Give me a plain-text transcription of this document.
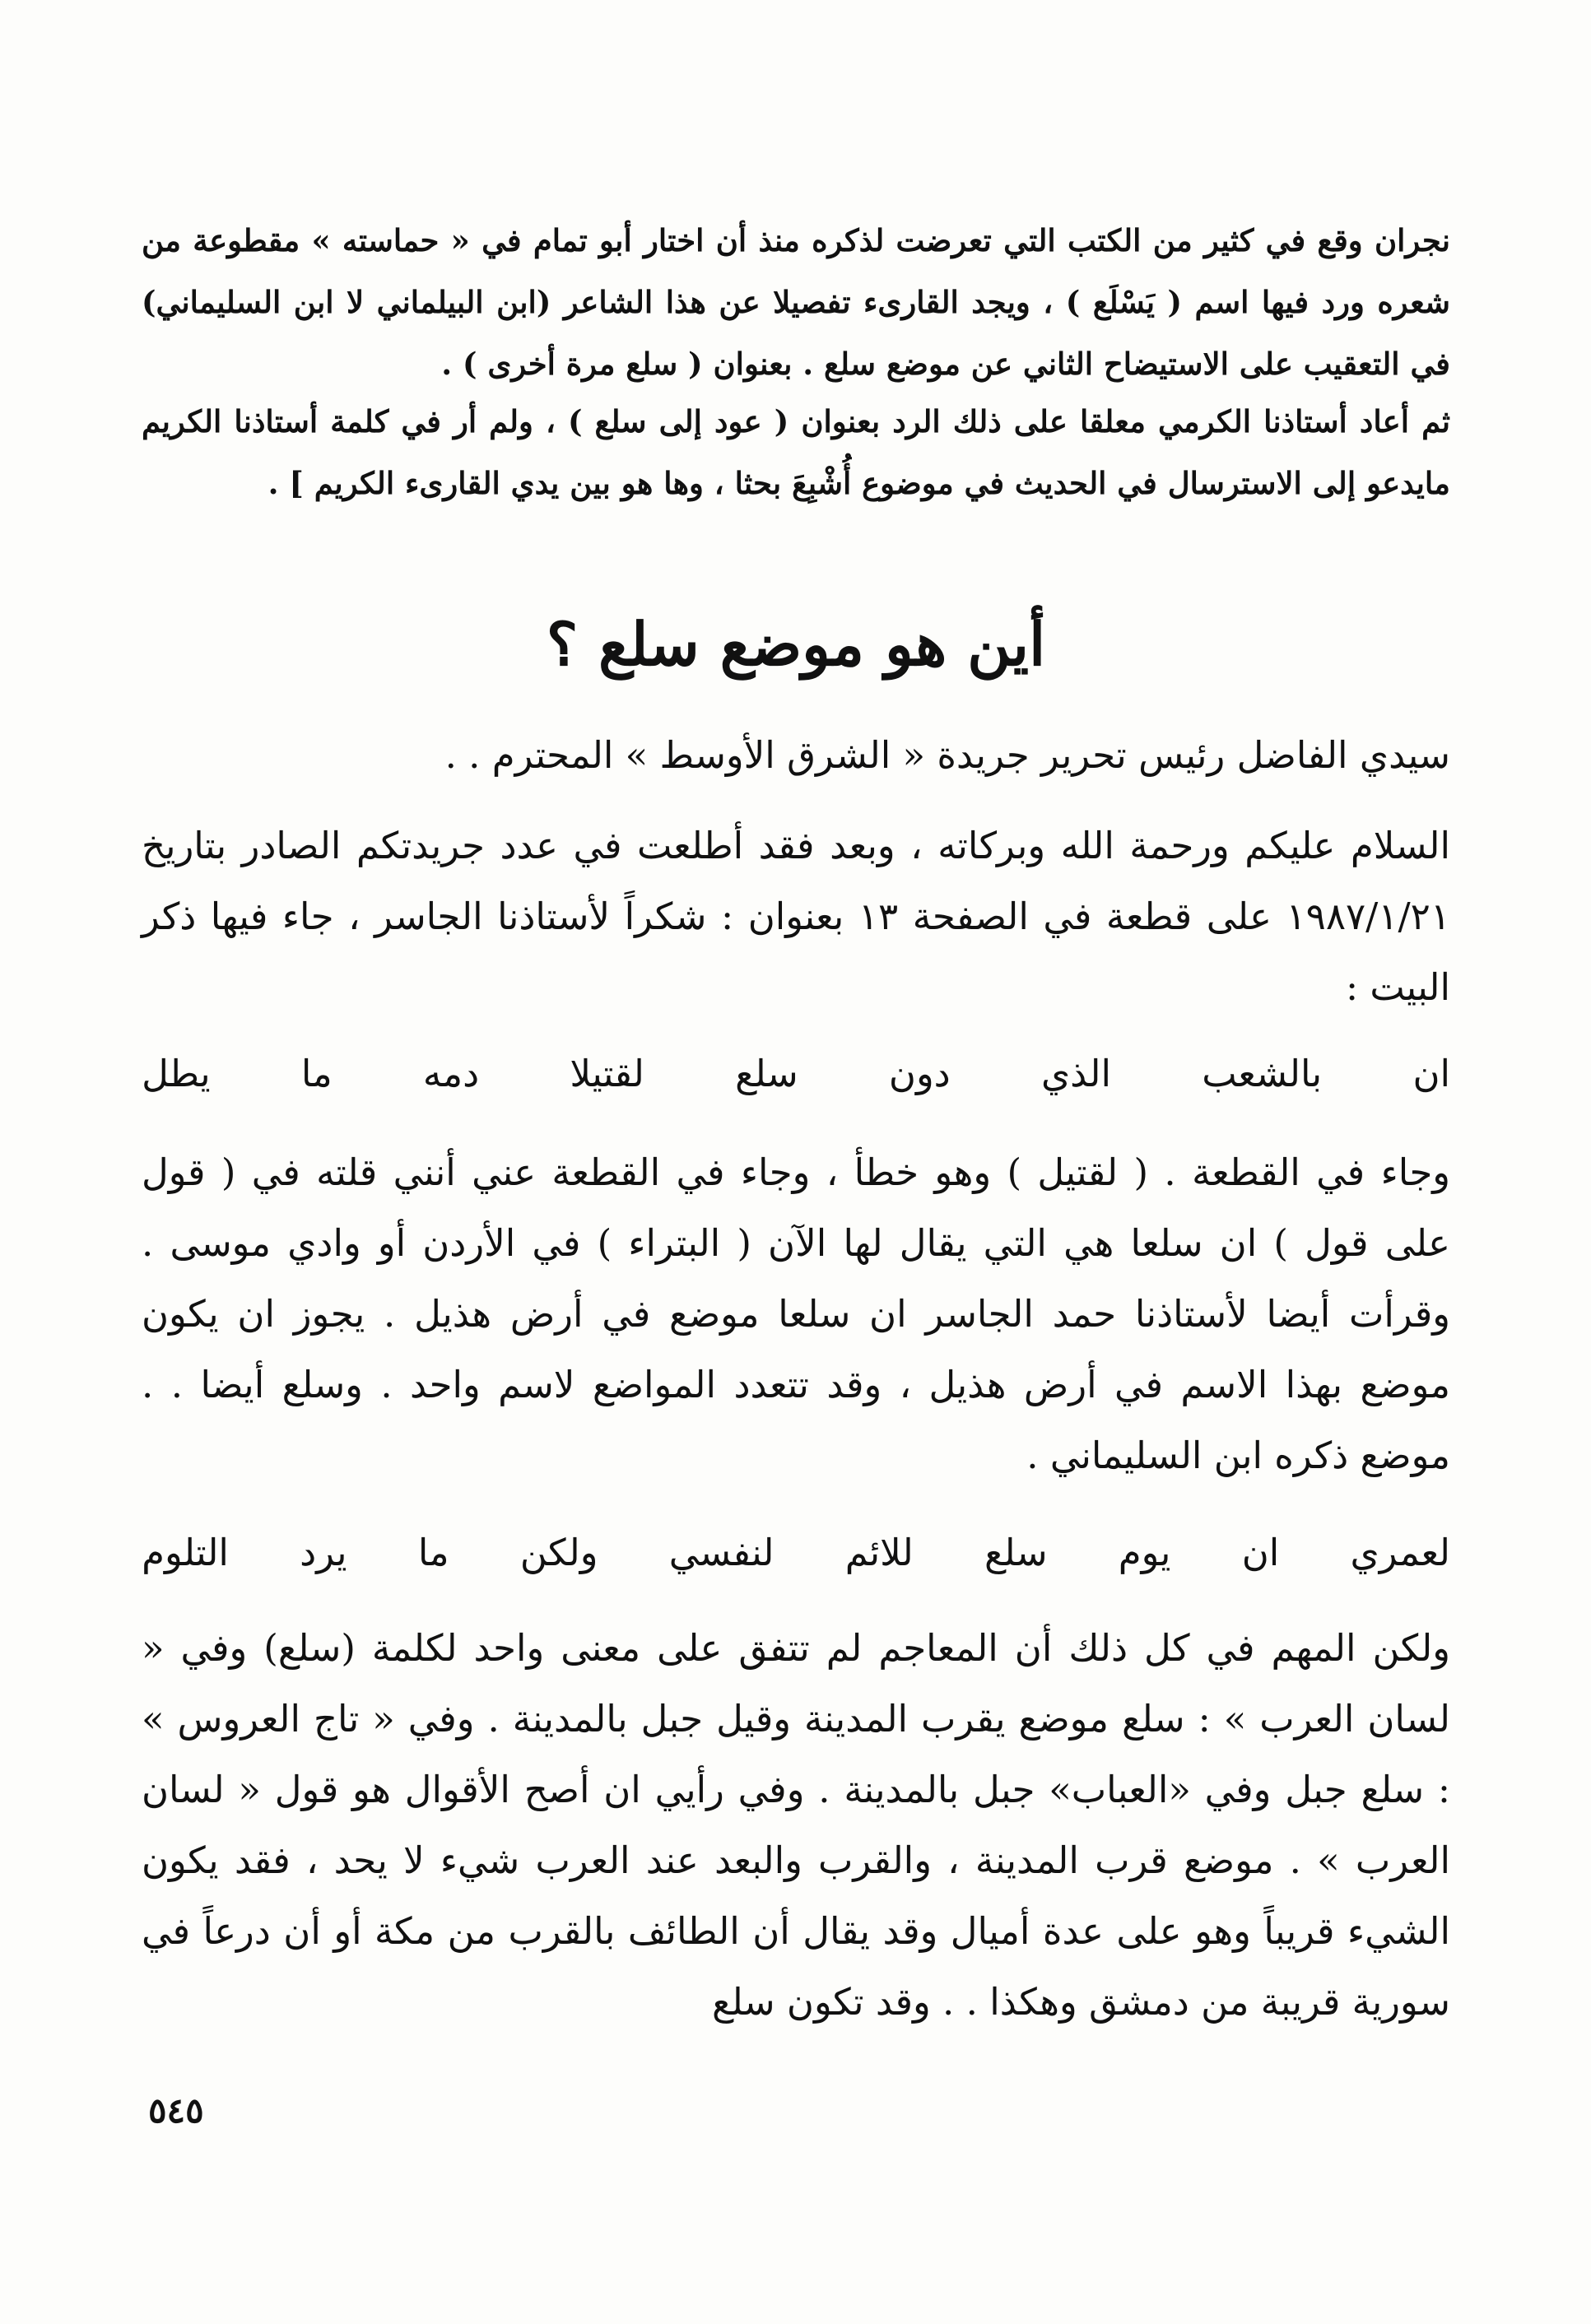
نجران وقع في كثير من الكتب التي تعرضت لذكره منذ أن اختار أبو تمام في « حماسته » مقطوعة من شعره ورد فيها اسم ( يَسْلَع ) ، ويجد القارىء تفصيلا عن هذا الشاعر (ابن البيلماني لا ابن السليماني) في التعقيب على الاستيضاح الثاني عن موضع سلع . بعنوان ( سلع مرة أخرى ) .

ثم أعاد أستاذنا الكرمي معلقا على ذلك الرد بعنوان ( عود إلى سلع ) ، ولم أر في كلمة أستاذنا الكريم مايدعو إلى الاسترسال في الحديث في موضوع أُشْبِعَ بحثا ، وها هو بين يدي القارىء الكريم ] .

أين هو موضع سلع ؟

سيدي الفاضل رئيس تحرير جريدة « الشرق الأوسط » المحترم . .

السلام عليكم ورحمة الله وبركاته ، وبعد فقد أطلعت في عدد جريدتكم الصادر بتاريخ ١٩٨٧/١/٢١ على قطعة في الصفحة ١٣ بعنوان : شكراً لأستاذنا الجاسر ، جاء فيها ذكر البيت :

ان
بالشعب
الذي
دون
سلع
لقتيلا
دمه
ما
يطل

وجاء في القطعة . ( لقتيل ) وهو خطأ ، وجاء في القطعة عني أنني قلته في ( قول على قول ) ان سلعا هي التي يقال لها الآن ( البتراء ) في الأردن أو وادي موسى . وقرأت أيضا لأستاذنا حمد الجاسر ان سلعا موضع في أرض هذيل . يجوز ان يكون موضع بهذا الاسم في أرض هذيل ، وقد تتعدد المواضع لاسم واحد . وسلع أيضا . . موضع ذكره ابن السليماني .

لعمري
ان
يوم
سلع
للائم
لنفسي
ولكن
ما
يرد
التلوم

ولكن المهم في كل ذلك أن المعاجم لم تتفق على معنى واحد لكلمة (سلع) وفي « لسان العرب » : سلع موضع يقرب المدينة وقيل جبل بالمدينة . وفي « تاج العروس » : سلع جبل وفي «العباب» جبل بالمدينة . وفي رأيي ان أصح الأقوال هو قول « لسان العرب » . موضع قرب المدينة ، والقرب والبعد عند العرب شيء لا يحد ، فقد يكون الشيء قريباً وهو على عدة أميال وقد يقال أن الطائف بالقرب من مكة أو أن درعاً في سورية قريبة من دمشق وهكذا . . وقد تكون سلع

٥٤٥
